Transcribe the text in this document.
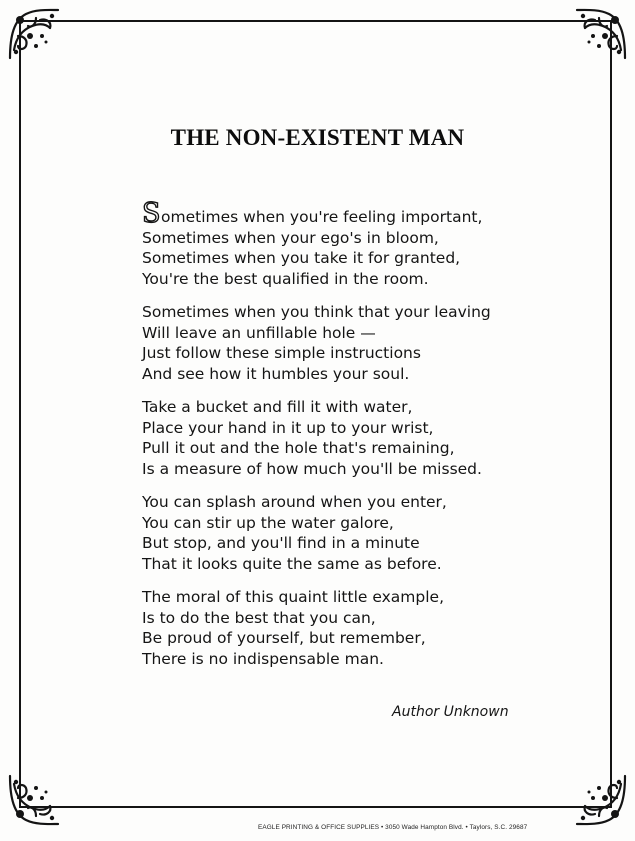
THE NON-EXISTENT MAN
Sometimes when you're feeling important,
Sometimes when your ego's in bloom,
Sometimes when you take it for granted,
You're the best qualified in the room.
Sometimes when you think that your leaving
Will leave an unfillable hole —
Just follow these simple instructions
And see how it humbles your soul.
Take a bucket and fill it with water,
Place your hand in it up to your wrist,
Pull it out and the hole that's remaining,
Is a measure of how much you'll be missed.
You can splash around when you enter,
You can stir up the water galore,
But stop, and you'll find in a minute
That it looks quite the same as before.
The moral of this quaint little example,
Is to do the best that you can,
Be proud of yourself, but remember,
There is no indispensable man.
Author Unknown
EAGLE PRINTING & OFFICE SUPPLIES • 3050 Wade Hampton Blvd. • Taylors, S.C. 29687
